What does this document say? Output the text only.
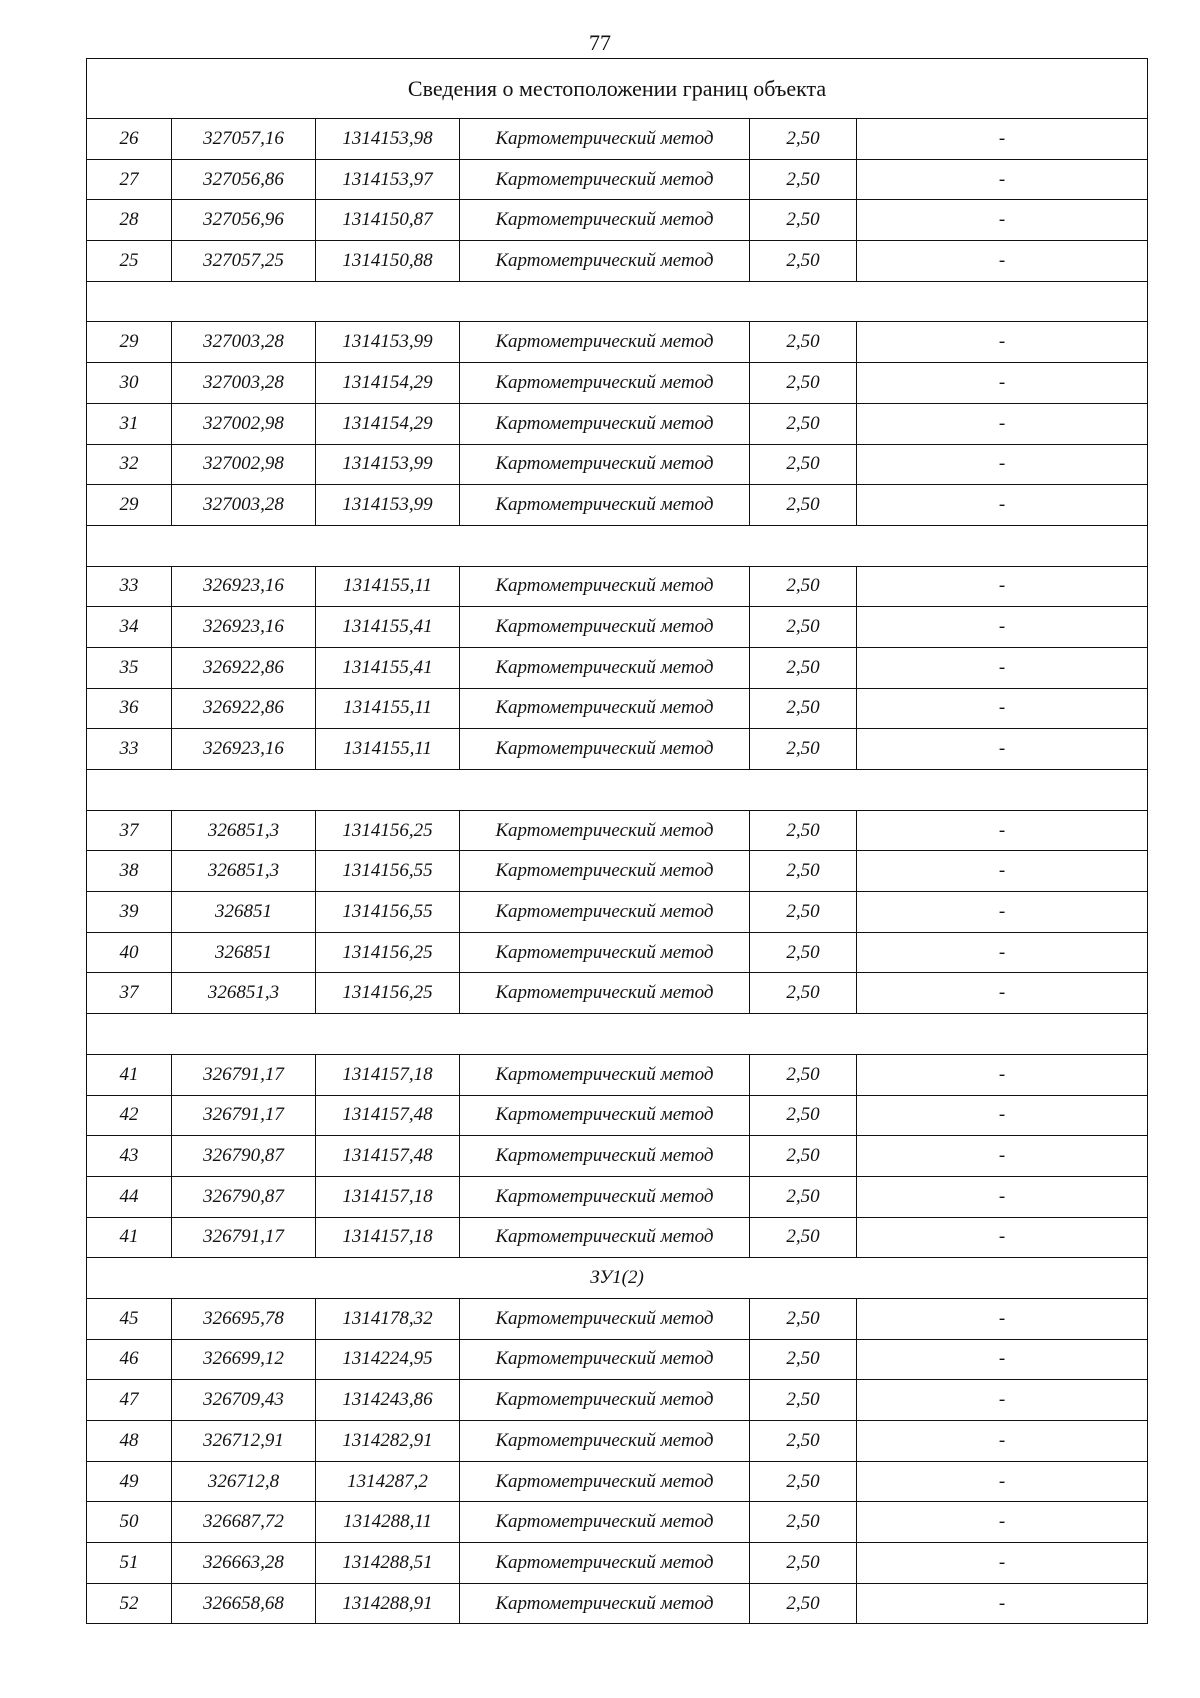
77
Сведения о местоположении границ объекта					
26	327057,16	1314153,98	Картометрический метод	2,50	-
27	327056,86	1314153,97	Картометрический метод	2,50	-
28	327056,96	1314150,87	Картометрический метод	2,50	-
25	327057,25	1314150,88	Картометрический метод	2,50	-

29	327003,28	1314153,99	Картометрический метод	2,50	-
30	327003,28	1314154,29	Картометрический метод	2,50	-
31	327002,98	1314154,29	Картометрический метод	2,50	-
32	327002,98	1314153,99	Картометрический метод	2,50	-
29	327003,28	1314153,99	Картометрический метод	2,50	-

33	326923,16	1314155,11	Картометрический метод	2,50	-
34	326923,16	1314155,41	Картометрический метод	2,50	-
35	326922,86	1314155,41	Картометрический метод	2,50	-
36	326922,86	1314155,11	Картометрический метод	2,50	-
33	326923,16	1314155,11	Картометрический метод	2,50	-

37	326851,3	1314156,25	Картометрический метод	2,50	-
38	326851,3	1314156,55	Картометрический метод	2,50	-
39	326851	1314156,55	Картометрический метод	2,50	-
40	326851	1314156,25	Картометрический метод	2,50	-
37	326851,3	1314156,25	Картометрический метод	2,50	-

41	326791,17	1314157,18	Картометрический метод	2,50	-
42	326791,17	1314157,48	Картометрический метод	2,50	-
43	326790,87	1314157,48	Картометрический метод	2,50	-
44	326790,87	1314157,18	Картометрический метод	2,50	-
41	326791,17	1314157,18	Картометрический метод	2,50	-
ЗУ1(2)					
45	326695,78	1314178,32	Картометрический метод	2,50	-
46	326699,12	1314224,95	Картометрический метод	2,50	-
47	326709,43	1314243,86	Картометрический метод	2,50	-
48	326712,91	1314282,91	Картометрический метод	2,50	-
49	326712,8	1314287,2	Картометрический метод	2,50	-
50	326687,72	1314288,11	Картометрический метод	2,50	-
51	326663,28	1314288,51	Картометрический метод	2,50	-
52	326658,68	1314288,91	Картометрический метод	2,50	-
